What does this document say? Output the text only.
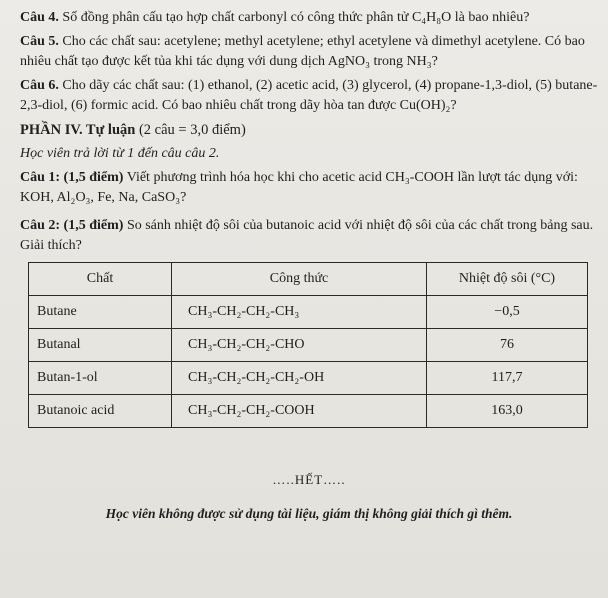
Câu 4. Số đồng phân cấu tạo hợp chất carbonyl có công thức phân tử C₄H₈O là bao nhiêu?

Câu 5. Cho các chất sau: acetylene; methyl acetylene; ethyl acetylene và dimethyl acetylene. Có bao nhiêu chất tạo được kết tủa khi tác dụng với dung dịch AgNO₃ trong NH₃?

Câu 6. Cho dãy các chất sau: (1) ethanol, (2) acetic acid, (3) glycerol, (4) propane-1,3-diol, (5) butane-2,3-diol, (6) formic acid. Có bao nhiêu chất trong dãy hòa tan được Cu(OH)₂?

PHẦN IV. Tự luận (2 câu = 3,0 điểm)

Học viên trả lời từ 1 đến câu câu 2.

Câu 1: (1,5 điểm) Viết phương trình hóa học khi cho acetic acid CH₃-COOH lần lượt tác dụng với: KOH, Al₂O₃, Fe, Na, CaSO₃?

Câu 2: (1,5 điểm) So sánh nhiệt độ sôi của butanoic acid với nhiệt độ sôi của các chất trong bảng sau. Giải thích?

Chất	Công thức	Nhiệt độ sôi (°C)
Butane	CH₃-CH₂-CH₂-CH₃	−0,5
Butanal	CH₃-CH₂-CH₂-CHO	76
Butan-1-ol	CH₃-CH₂-CH₂-CH₂-OH	117,7
Butanoic acid	CH₃-CH₂-CH₂-COOH	163,0
…..HẾT…..
Học viên không được sử dụng tài liệu, giám thị không giải thích gì thêm.
